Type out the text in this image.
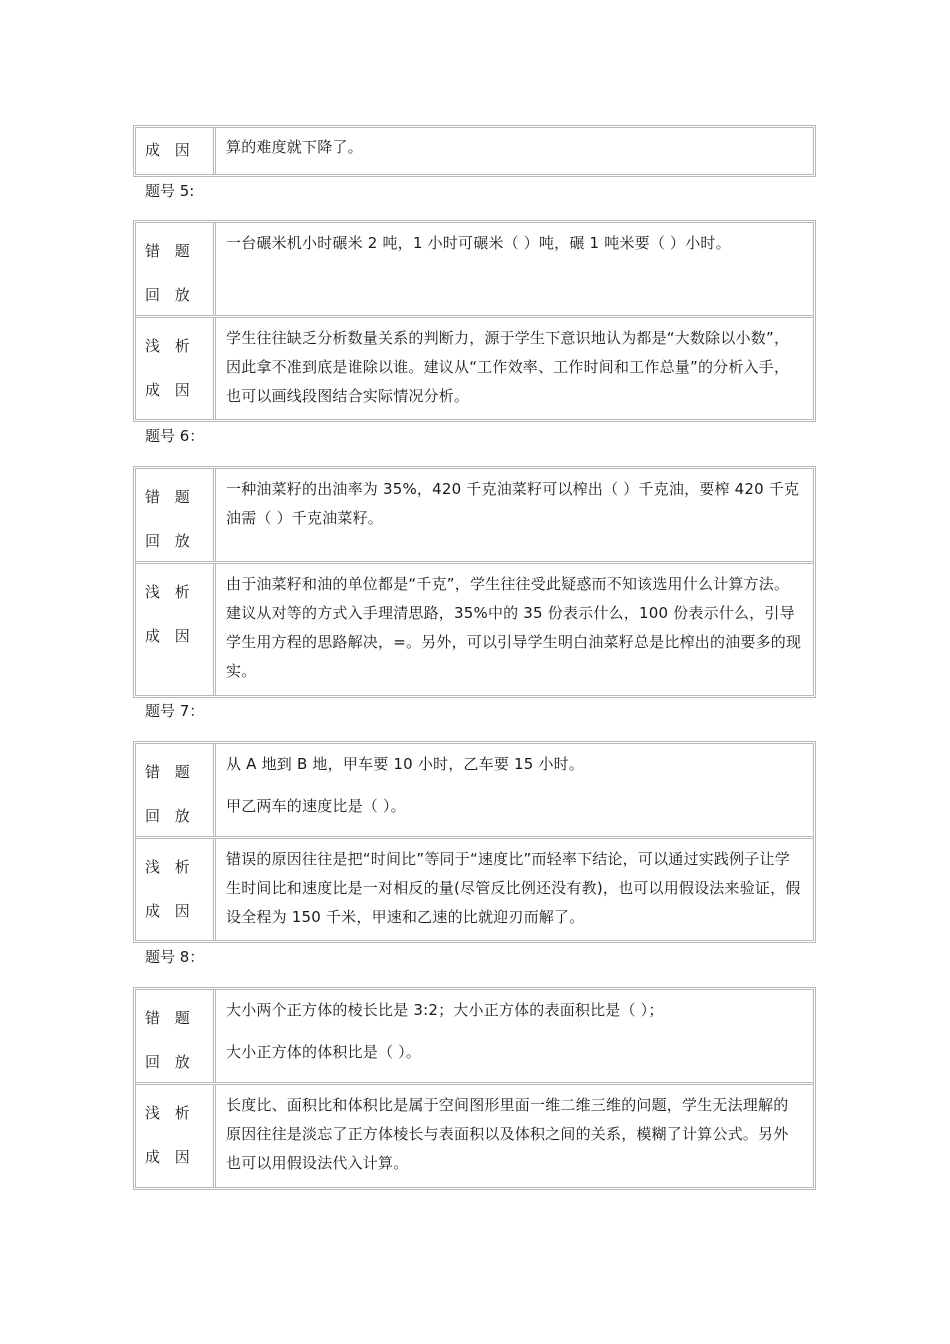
成 因	算的难度就下降了。

题号 5:
错 题
回 放

一台碾米机小时碾米 2 吨，1 小时可碾米（ ）吨，碾 1 吨米要（ ）小时。

浅 析
成 因

学生往往缺乏分析数量关系的判断力，源于学生下意识地认为都是“大数除以小数”，因此拿不准到底是谁除以谁。建议从“工作效率、工作时间和工作总量”的分析入手，也可以画线段图结合实际情况分析。

题号 6：
错 题
回 放

一种油菜籽的出油率为 35%，420 千克油菜籽可以榨出（ ）千克油，要榨 420 千克油需（ ）千克油菜籽。

浅 析
成 因

由于油菜籽和油的单位都是“千克”，学生往往受此疑惑而不知该选用什么计算方法。建议从对等的方式入手理清思路，35%中的 35 份表示什么，100 份表示什么，引导学生用方程的思路解决，=。另外，可以引导学生明白油菜籽总是比榨出的油要多的现实。

题号 7：
错 题
回 放

从 A 地到 B 地，甲车要 10 小时，乙车要 15 小时。

甲乙两车的速度比是（ ）。

浅 析
成 因

错误的原因往往是把“时间比”等同于“速度比”而轻率下结论，可以通过实践例子让学生时间比和速度比是一对相反的量(尽管反比例还没有教)，也可以用假设法来验证，假设全程为 150 千米，甲速和乙速的比就迎刃而解了。

题号 8：
错 题
回 放

大小两个正方体的棱长比是 3:2；大小正方体的表面积比是（ ）；

大小正方体的体积比是（ ）。

浅 析
成 因

长度比、面积比和体积比是属于空间图形里面一维二维三维的问题，学生无法理解的原因往往是淡忘了正方体棱长与表面积以及体积之间的关系，模糊了计算公式。另外也可以用假设法代入计算。
